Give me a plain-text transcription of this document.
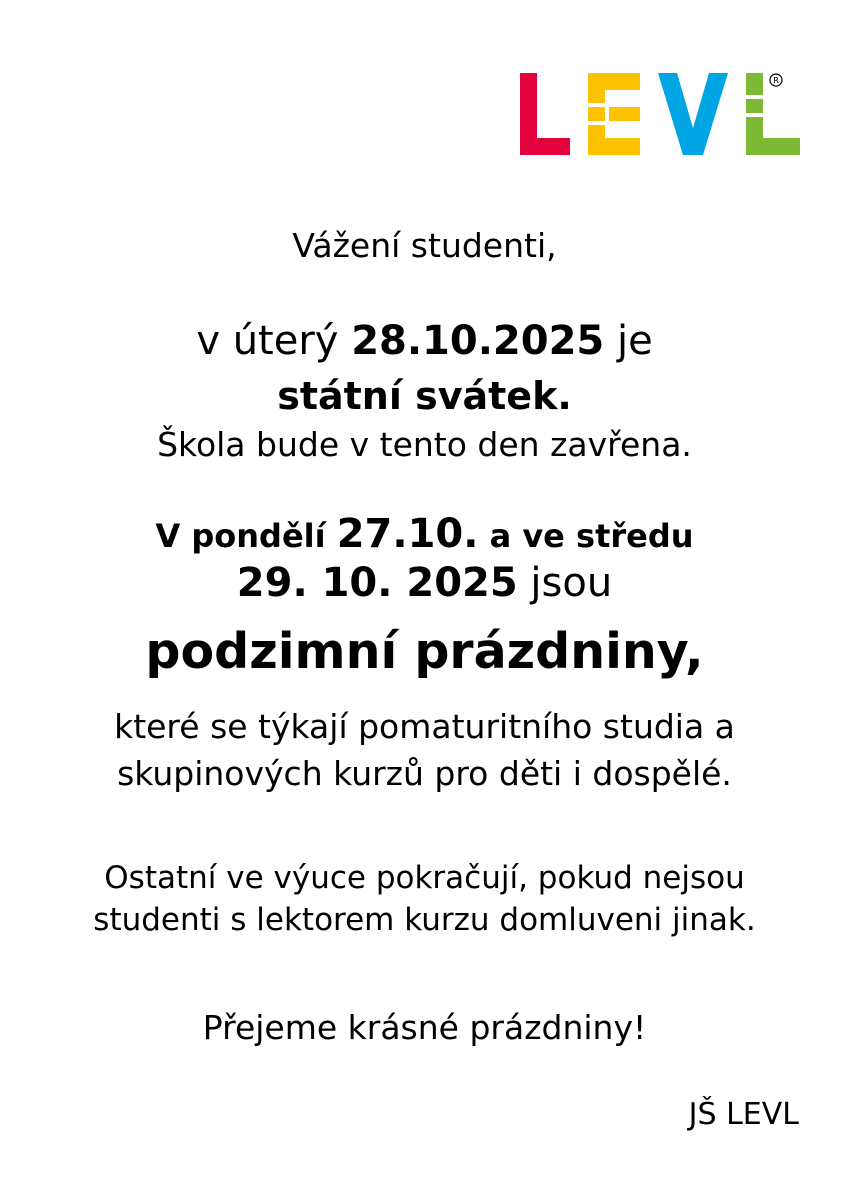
R
Vážení studenti,
v úterý 28.10.2025 je
státní svátek.
Škola bude v tento den zavřena.
V pondělí 27.10. a ve středu
29. 10. 2025 jsou
podzimní prázdniny,
které se týkají pomaturitního studia a
skupinových kurzů pro děti i dospělé.
Ostatní ve výuce pokračují, pokud nejsou
studenti s lektorem kurzu domluveni jinak.
Přejeme krásné prázdniny!
JŠ LEVL
